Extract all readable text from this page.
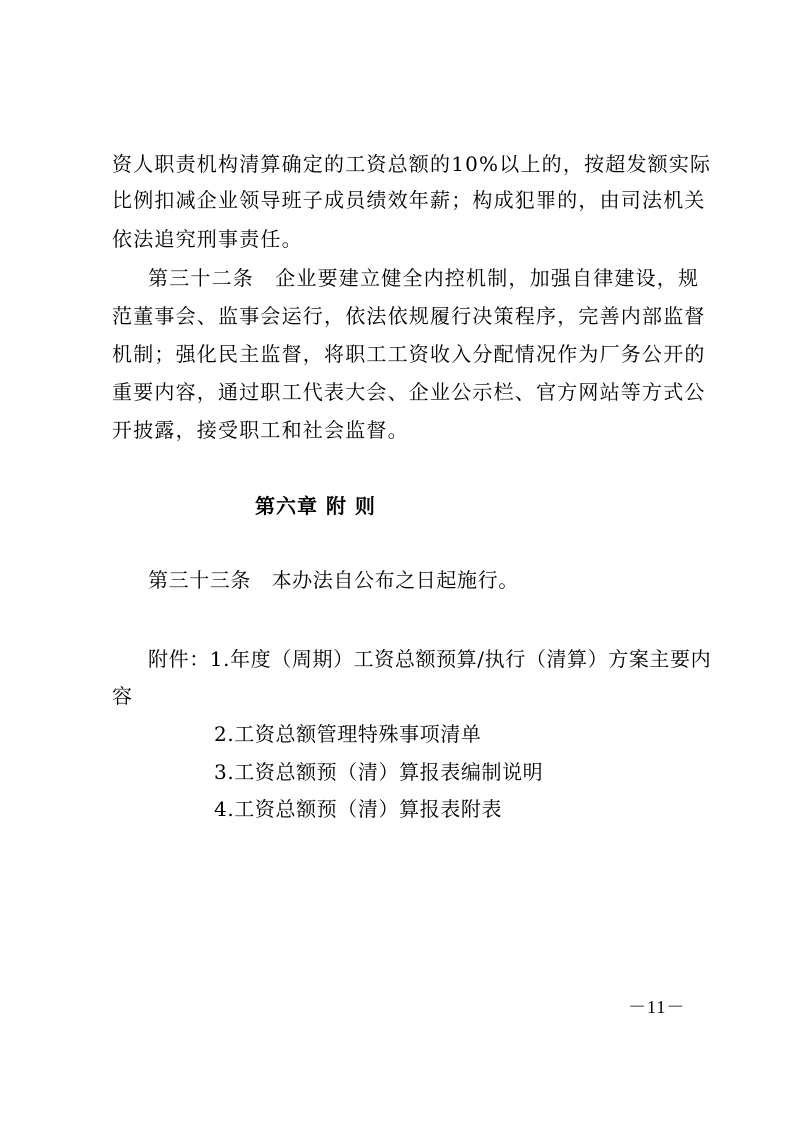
资人职责机构清算确定的工资总额的10%以上的，按超发额实际
比例扣减企业领导班子成员绩效年薪；构成犯罪的，由司法机关
依法追究刑事责任。
第三十二条　企业要建立健全内控机制，加强自律建设，规
范董事会、监事会运行，依法依规履行决策程序，完善内部监督
机制；强化民主监督，将职工工资收入分配情况作为厂务公开的
重要内容，通过职工代表大会、企业公示栏、官方网站等方式公
开披露，接受职工和社会监督。
第六章 附 则
第三十三条　本办法自公布之日起施行。
附件：1.年度（周期）工资总额预算/执行（清算）方案主要内
容
2.工资总额管理特殊事项清单
3.工资总额预（清）算报表编制说明
4.工资总额预（清）算报表附表
－11－
